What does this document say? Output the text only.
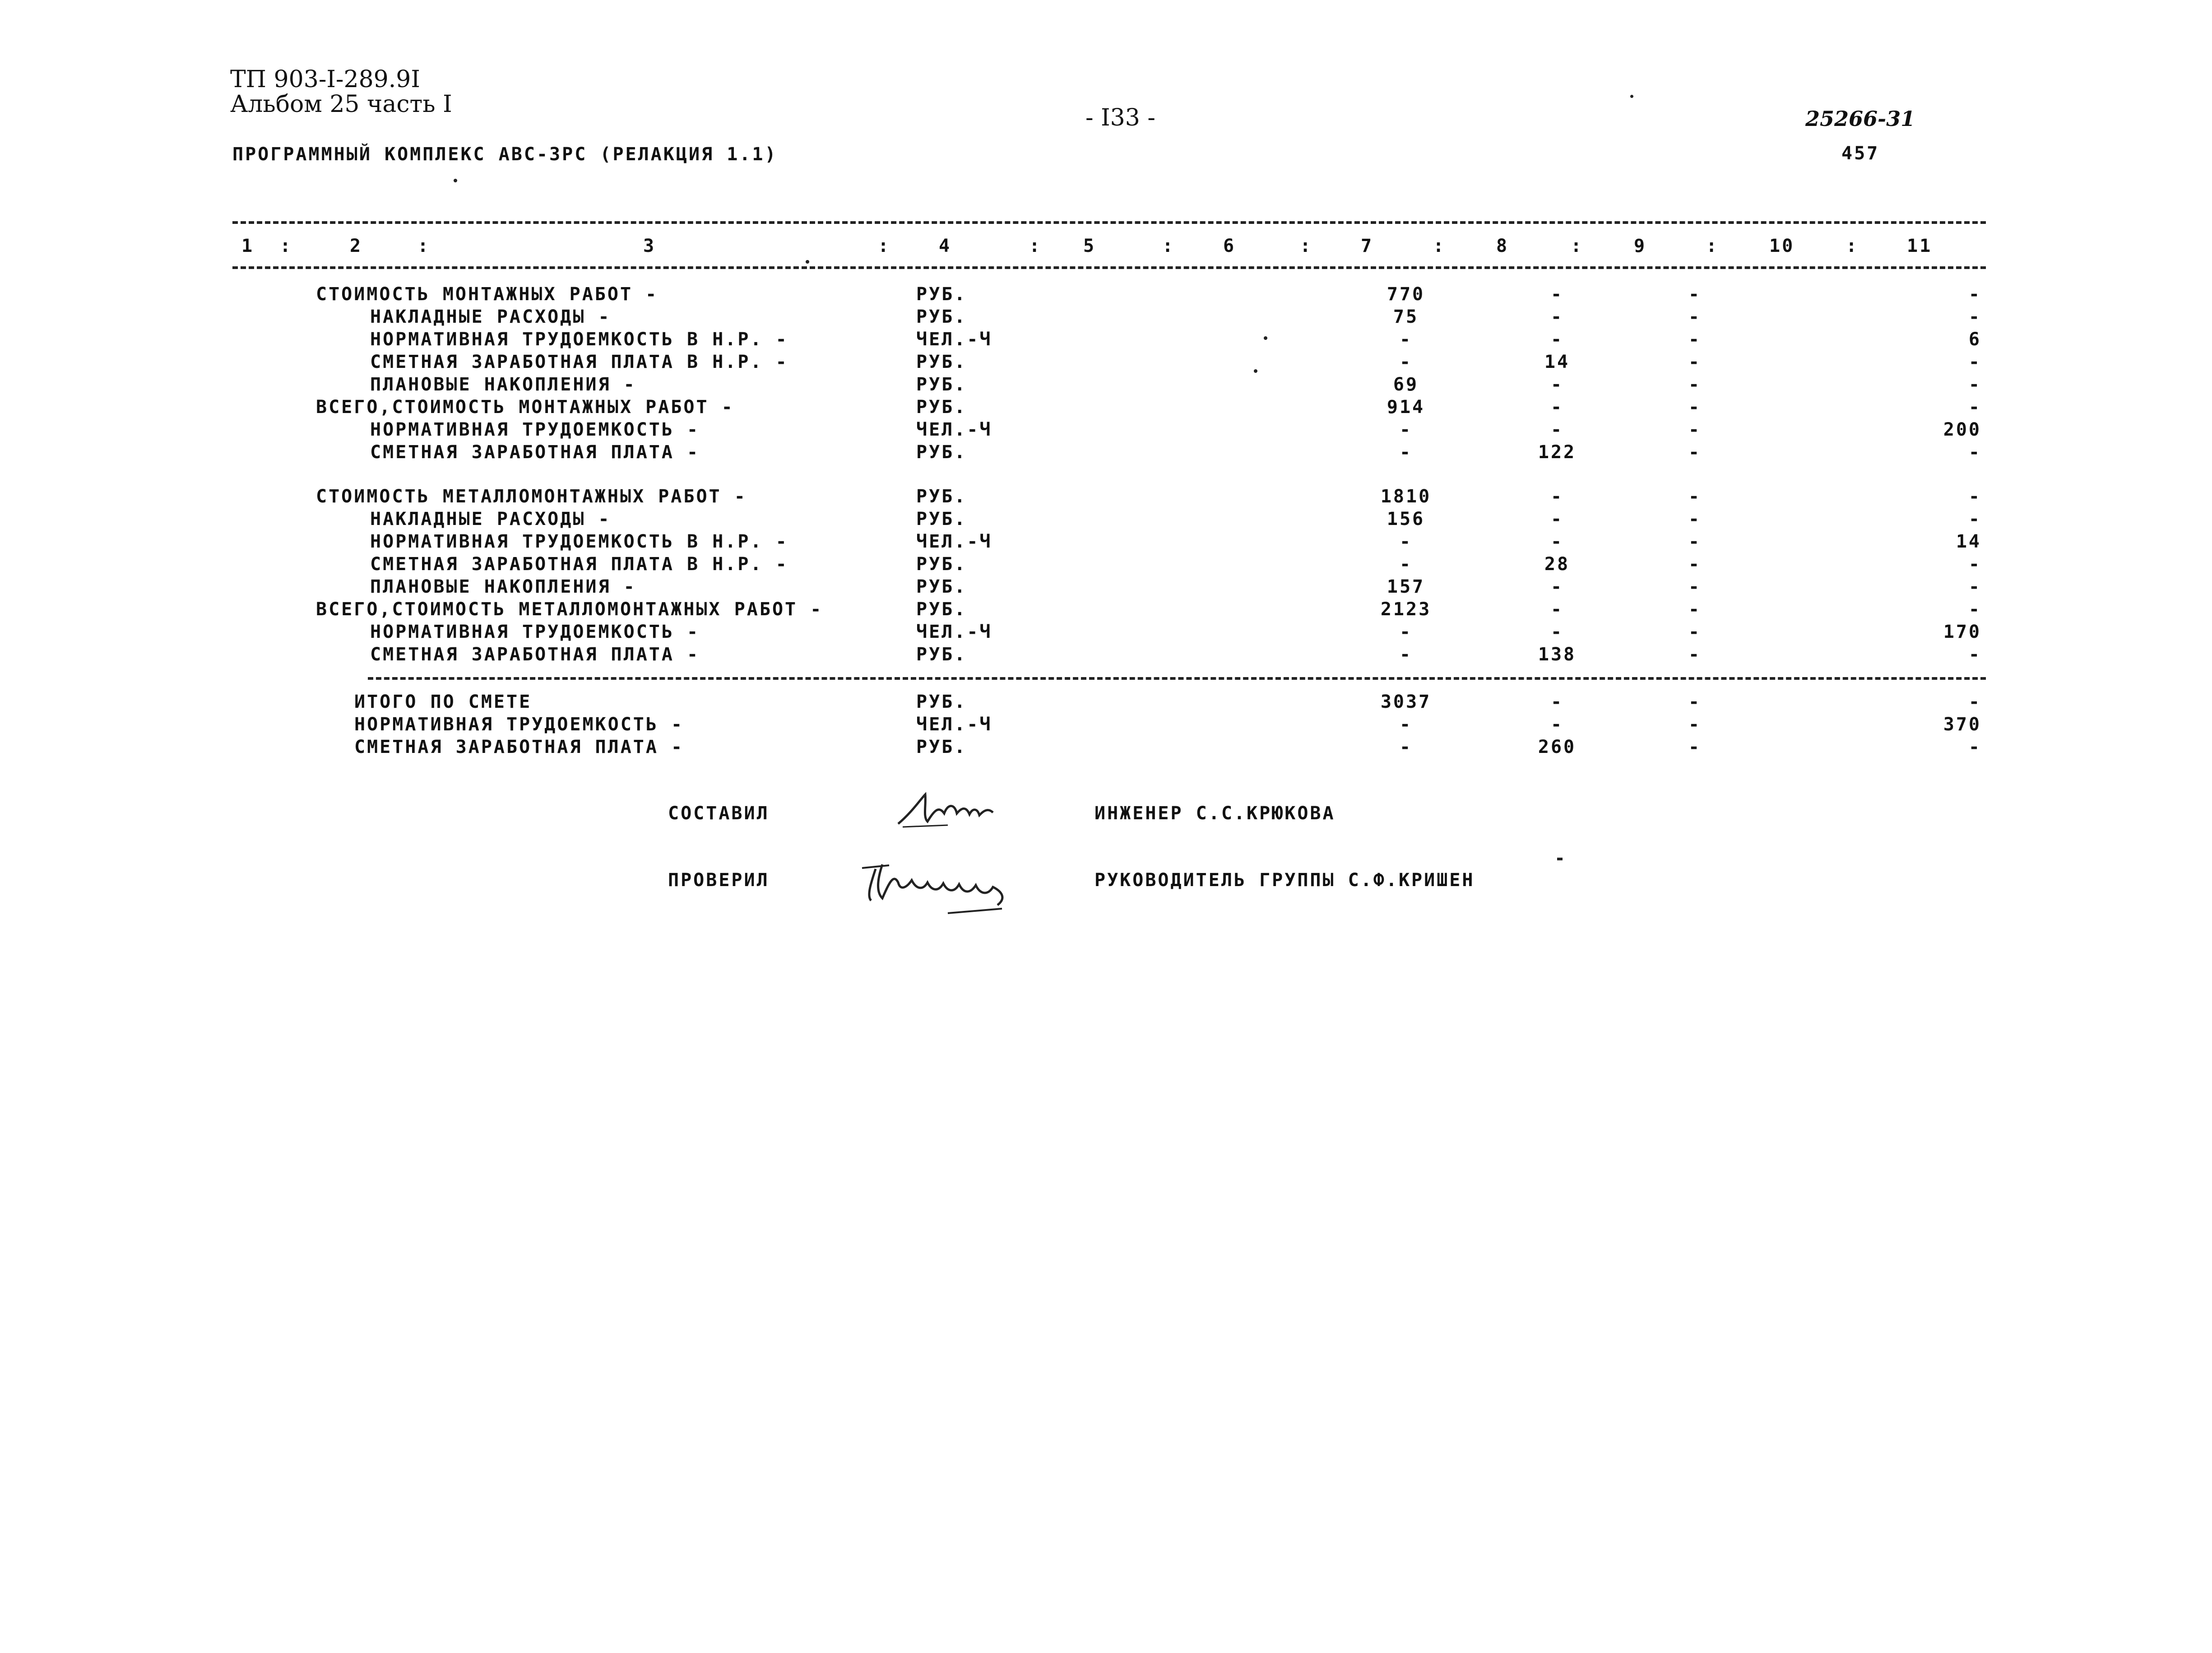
ТП 903-I-289.9I
Альбом 25 часть I	- I33 -	25266-31
457
ПРОГРАММНЫЙ КОМПЛЕКС АВС-3РС (РЕЛАКЦИЯ 1.1)
1 :	2	:	3	:	4	: 5	:	6	:	7	:	8	:	9	:	10	:	11
СТОИМОСТЬ МОНТАЖНЫХ РАБОТ -	РУБ.	770	-	-	-
НАКЛАДНЫЕ РАСХОДЫ -	РУБ.	75	-	-	-
НОРМАТИВНАЯ ТРУДОЕМКОСТЬ В Н.Р. -	ЧЕЛ.-Ч	-	-	-	6
СМЕТНАЯ ЗАРАБОТНАЯ ПЛАТА В Н.Р. -	РУБ.	-	14	-	-
ПЛАНОВЫЕ НАКОПЛЕНИЯ -	РУБ.	69	-	-	-
ВСЕГО,СТОИМОСТЬ МОНТАЖНЫХ РАБОТ -	РУБ.	914	-	-	-
НОРМАТИВНАЯ ТРУДОЕМКОСТЬ -	ЧЕЛ.-Ч	-	-	-	200
СМЕТНАЯ ЗАРАБОТНАЯ ПЛАТА -	РУБ.	-	122	-	-
СТОИМОСТЬ МЕТАЛЛОМОНТАЖНЫХ РАБОТ -	РУБ.	1810	-	-	-
НАКЛАДНЫЕ РАСХОДЫ -	РУБ.	156	-	-	-
НОРМАТИВНАЯ ТРУДОЕМКОСТЬ В Н.Р. -	ЧЕЛ.-Ч	-	-	-	14
СМЕТНАЯ ЗАРАБОТНАЯ ПЛАТА В Н.Р. -	РУБ.	-	28	-	-
ПЛАНОВЫЕ НАКОПЛЕНИЯ -	РУБ.	157	-	-	-
ВСЕГО,СТОИМОСТЬ МЕТАЛЛОМОНТАЖНЫХ РАБОТ -	РУБ.	2123	-	-	-
НОРМАТИВНАЯ ТРУДОЕМКОСТЬ -	ЧЕЛ.-Ч	-	-	-	170
СМЕТНАЯ ЗАРАБОТНАЯ ПЛАТА -	РУБ.	-	138	-	-
ИТОГО ПО СМЕТЕ	РУБ.	3037	-	-	-
НОРМАТИВНАЯ ТРУДОЕМКОСТЬ -	ЧЕЛ.-Ч	-	-	-	370
СМЕТНАЯ ЗАРАБОТНАЯ ПЛАТА -	РУБ.	-	260	-	-
СОСТАВИЛ	ИНЖЕНЕР С.С.КРЮКОВА
ПРОВЕРИЛ	РУКОВОДИТЕЛЬ ГРУППЫ С.Ф.КРИШЕН
